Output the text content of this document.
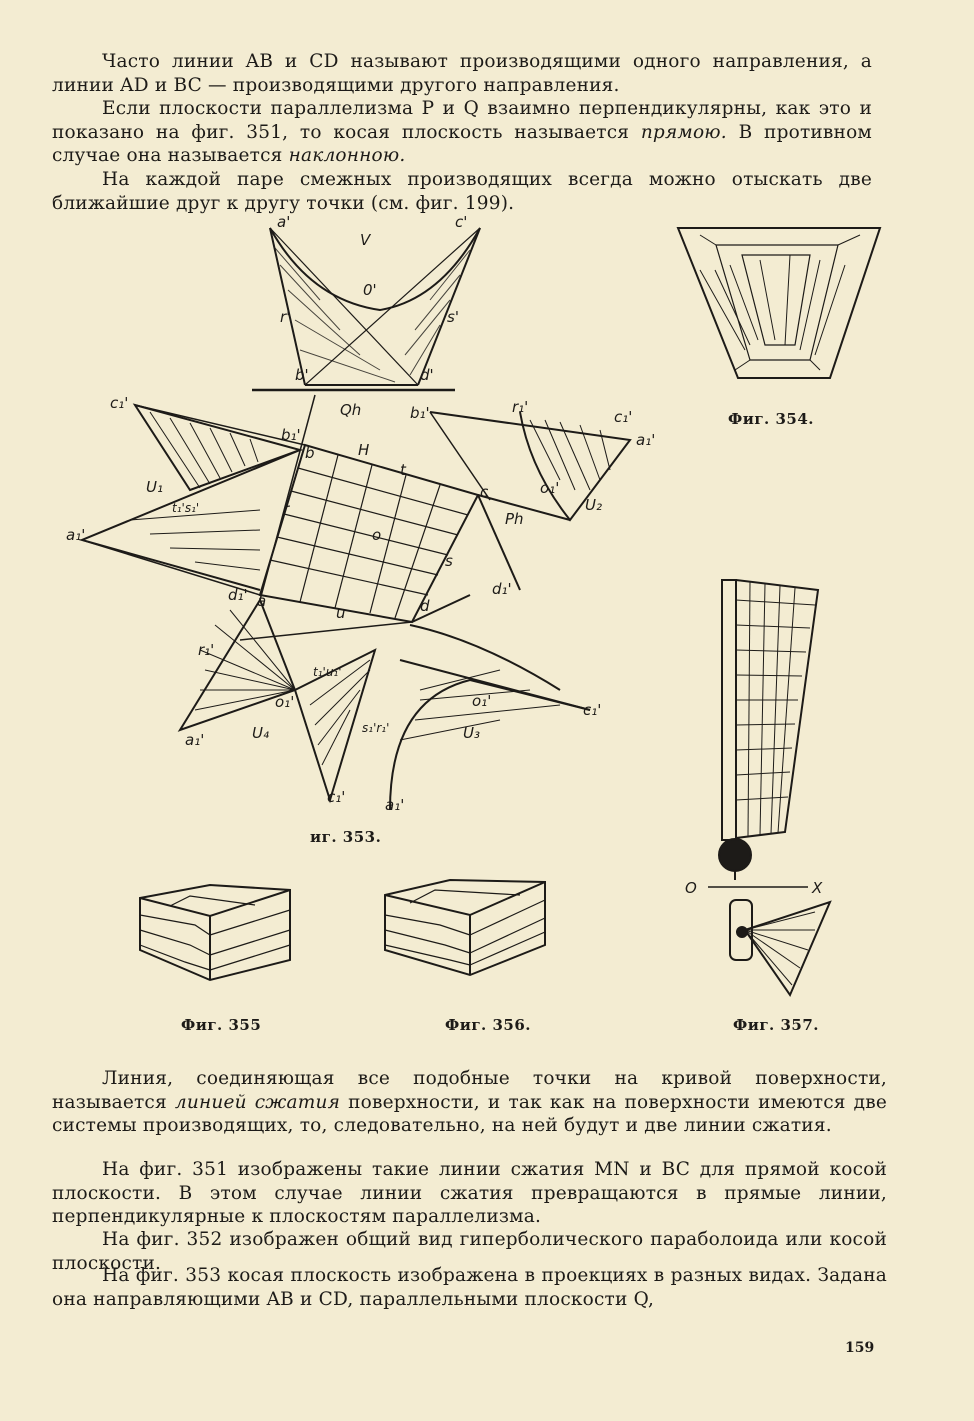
Часто линии AB и CD называют производящими одного направления, а линии AD и BC — производящими другого направления.

Если плоскости параллелизма P и Q взаимно перпендикулярны, как это и показано на фиг. 351, то косая плоскость называется прямою. В противном случае она называется наклонною.

На каждой паре смежных производящих всегда можно отыскать две ближайшие друг к другу точки (см. фиг. 199).

a'	c'
V
0'
r'	s'
b'	d'
c₁'	Qh	b₁'	r₁'
c₁'
a₁'
b₁'
b	H
t
U₁
t₁'s₁'
a₁'
r
o
s
c	o₁'
U₂
Ph
d₁'
d₁' a
u	d
r₁'
t₁'u₁'
o₁'
a₁'	U₄	s₁'r₁'
o₁'
U₃
c₁'
c₁'	a₁'
O	X
иг. 353.
Фиг. 354.
Фиг. 355	Фиг. 356.	Фиг. 357.

Линия, соединяющая все подобные точки на кривой поверхности, называется линией сжатия поверхности, и так как на поверхности имеются две системы производящих, то, следовательно, на ней будут и две линии сжатия.

На фиг. 351 изображены такие линии сжатия MN и BC для прямой косой плоскости. В этом случае линии сжатия превращаются в прямые линии, перпендикулярные к плоскостям параллелизма.

На фиг. 352 изображен общий вид гиперболического параболоида или косой плоскости.

На фиг. 353 косая плоскость изображена в проекциях в разных видах. Задана она направляющими AB и CD, параллельными плоскости Q,

159
